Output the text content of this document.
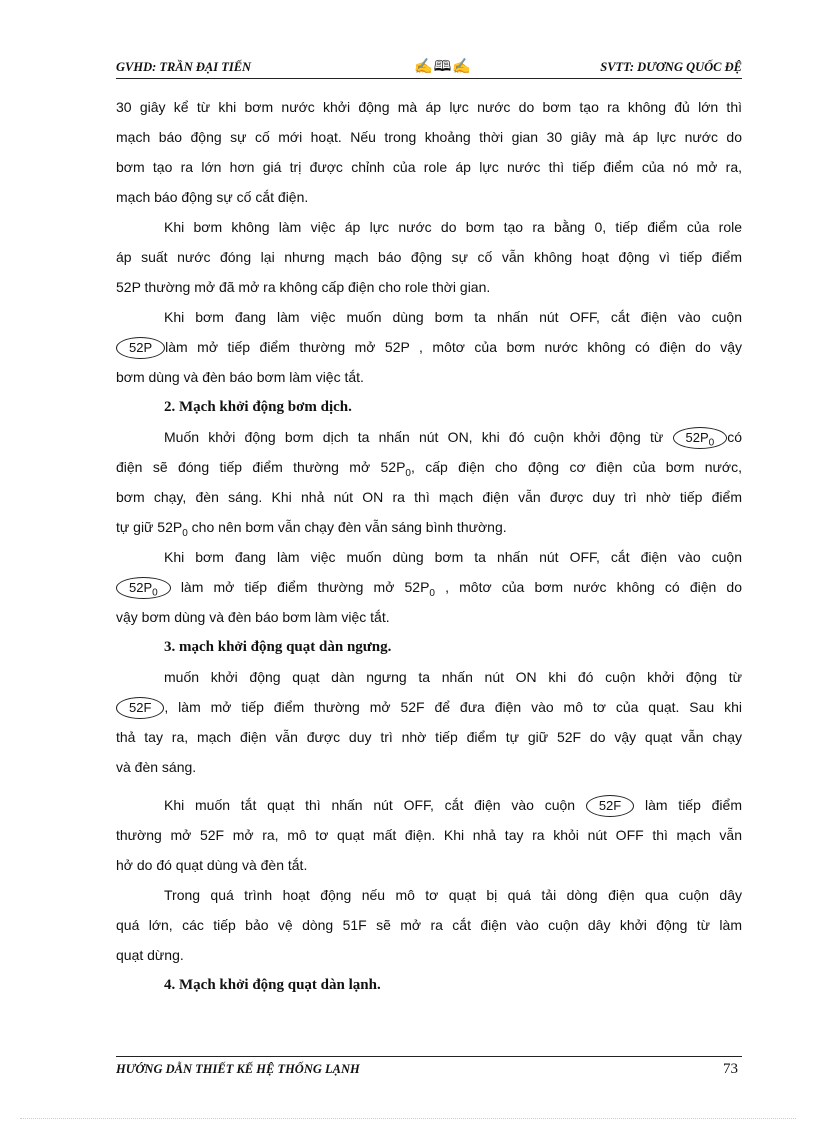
GVHD: TRẦN ĐẠI TIẾN	✍🕮✍	SVTT: DƯƠNG QUỐC ĐỆ
30 giây kể từ khi bơm nước khởi động mà áp lực nước do bơm tạo ra không đủ lớn thì
mạch báo động sự cố mới hoạt. Nếu trong khoảng thời gian 30 giây mà áp lực nước do
bơm tạo ra lớn hơn giá trị được chỉnh của role áp lực nước thì tiếp điểm của nó mở ra,
mạch báo động sự cố cắt điện.
Khi bơm không làm việc áp lực nước do bơm tạo ra bằng 0, tiếp điểm của role
áp suất nước đóng lại nhưng mạch báo động sự cố vẫn không hoạt động vì tiếp điểm
52P thường mở đã mở ra không cấp điện cho role thời gian.
Khi bơm đang làm việc muốn dùng bơm ta nhấn nút OFF, cắt điện vào cuộn
52P làm mở tiếp điểm thường mở 52P , môtơ của bơm nước không có điện do vậy
bơm dùng và đèn báo bơm làm việc tắt.
2. Mạch khởi động bơm dịch.
Muốn khởi động bơm dịch ta nhấn nút ON, khi đó cuộn khởi động từ $52P_0$ có
điện sẽ đóng tiếp điểm thường mở $52P_0$, cấp điện cho động cơ điện của bơm nước,
bơm chạy, đèn sáng. Khi nhả nút ON ra thì mạch điện vẫn được duy trì nhờ tiếp điểm
tự giữ $52P_0$ cho nên bơm vẫn chạy đèn vẫn sáng bình thường.
Khi bơm đang làm việc muốn dùng bơm ta nhấn nút OFF, cắt điện vào cuộn
$52P_0$ làm mở tiếp điểm thường mở $52P_0$ , môtơ của bơm nước không có điện do
vậy bơm dùng và đèn báo bơm làm việc tắt.
3. mạch khởi động quạt dàn ngưng.
muốn khởi động quạt dàn ngưng ta nhấn nút ON khi đó cuộn khởi động từ
52F , làm mở tiếp điểm thường mở 52F để đưa điện vào mô tơ của quạt. Sau khi
thả tay ra, mạch điện vẫn được duy trì nhờ tiếp điểm tự giữ 52F do vậy quạt vẫn chạy
và đèn sáng.
Khi muốn tắt quạt thì nhấn nút OFF, cắt điện vào cuộn 52F làm tiếp điểm
thường mở 52F mở ra, mô tơ quạt mất điện. Khi nhả tay ra khỏi nút OFF thì mạch vẫn
hở do đó quạt dùng và đèn tắt.
Trong quá trình hoạt động nếu mô tơ quạt bị quá tải dòng điện qua cuộn dây
quá lớn, các tiếp bảo vệ dòng 51F sẽ mở ra cắt điện vào cuộn dây khởi động từ làm
quạt dừng.
4. Mạch khởi động quạt dàn lạnh.
HƯỚNG DẪN THIẾT KẾ HỆ THỐNG LẠNH	73
